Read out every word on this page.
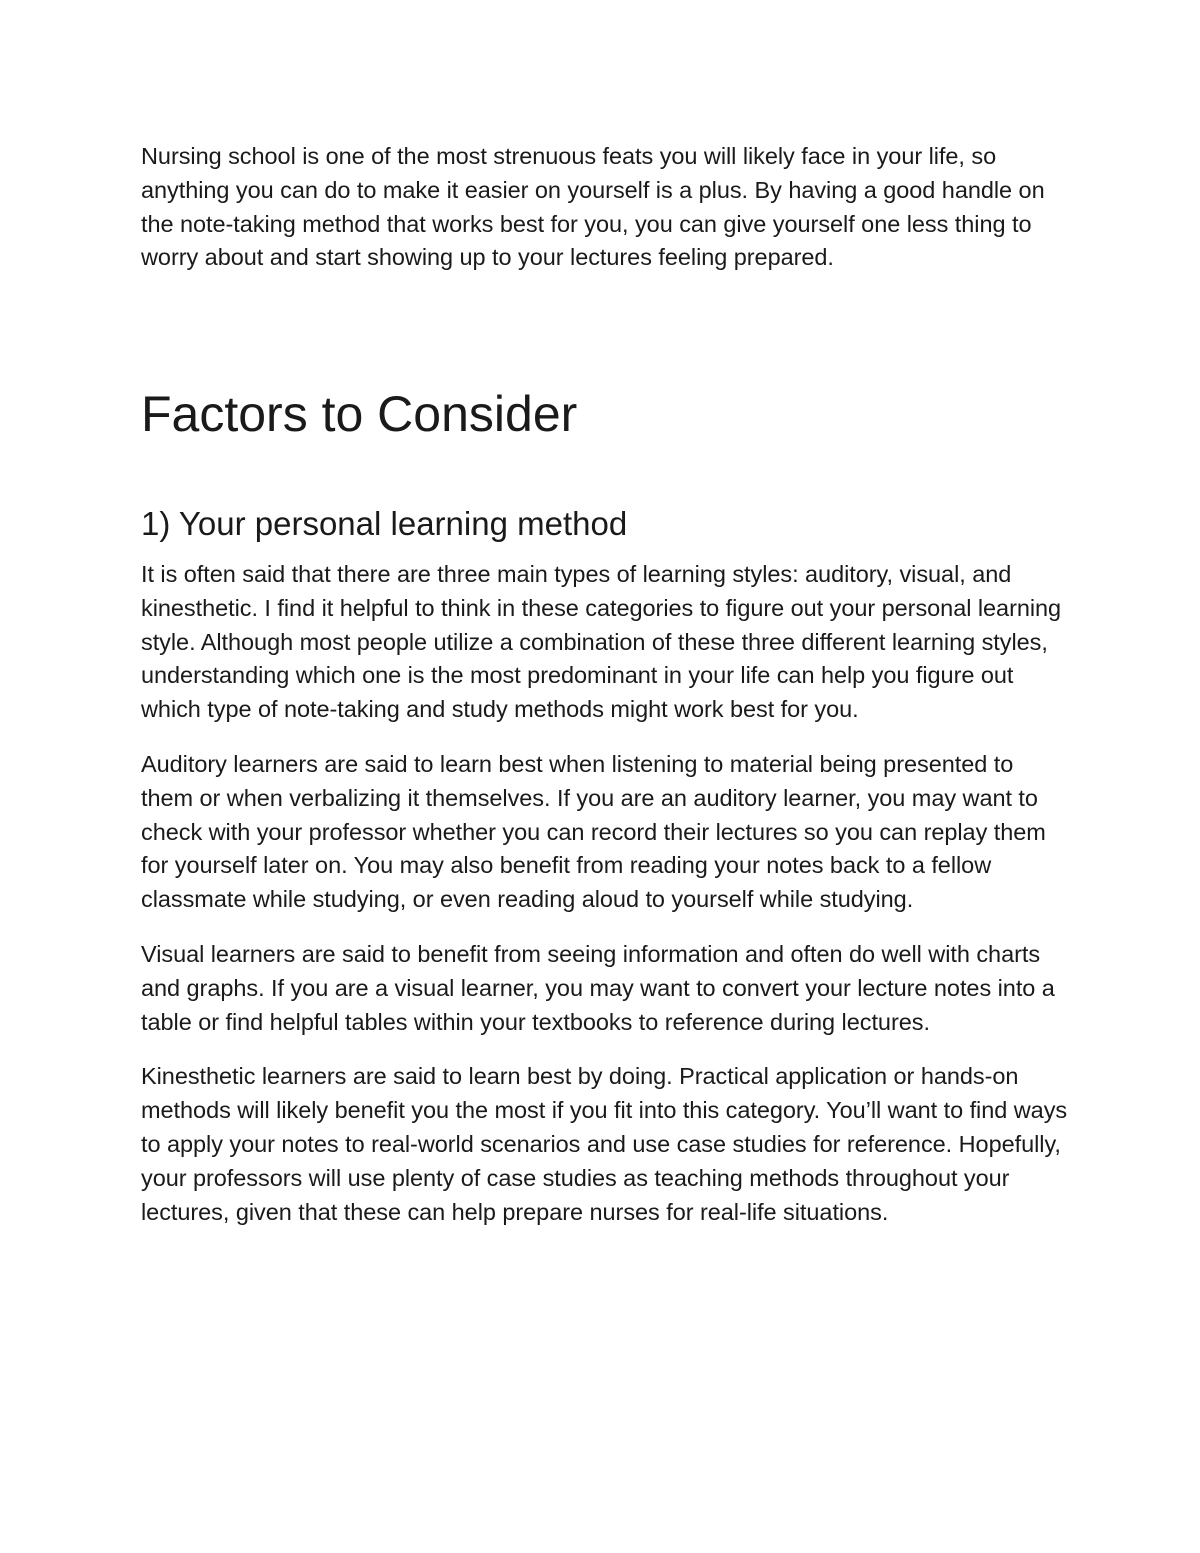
Nursing school is one of the most strenuous feats you will likely face in your life, so anything you can do to make it easier on yourself is a plus. By having a good handle on the note-taking method that works best for you, you can give yourself one less thing to worry about and start showing up to your lectures feeling prepared.

Factors to Consider
1) Your personal learning method

It is often said that there are three main types of learning styles: auditory, visual, and kinesthetic. I find it helpful to think in these categories to figure out your personal learning style. Although most people utilize a combination of these three different learning styles, understanding which one is the most predominant in your life can help you figure out which type of note-taking and study methods might work best for you.

Auditory learners are said to learn best when listening to material being presented to them or when verbalizing it themselves. If you are an auditory learner, you may want to check with your professor whether you can record their lectures so you can replay them for yourself later on. You may also benefit from reading your notes back to a fellow classmate while studying, or even reading aloud to yourself while studying.

Visual learners are said to benefit from seeing information and often do well with charts and graphs. If you are a visual learner, you may want to convert your lecture notes into a table or find helpful tables within your textbooks to reference during lectures.

Kinesthetic learners are said to learn best by doing. Practical application or hands-on methods will likely benefit you the most if you fit into this category. You’ll want to find ways to apply your notes to real-world scenarios and use case studies for reference. Hopefully, your professors will use plenty of case studies as teaching methods throughout your lectures, given that these can help prepare nurses for real-life situations.
